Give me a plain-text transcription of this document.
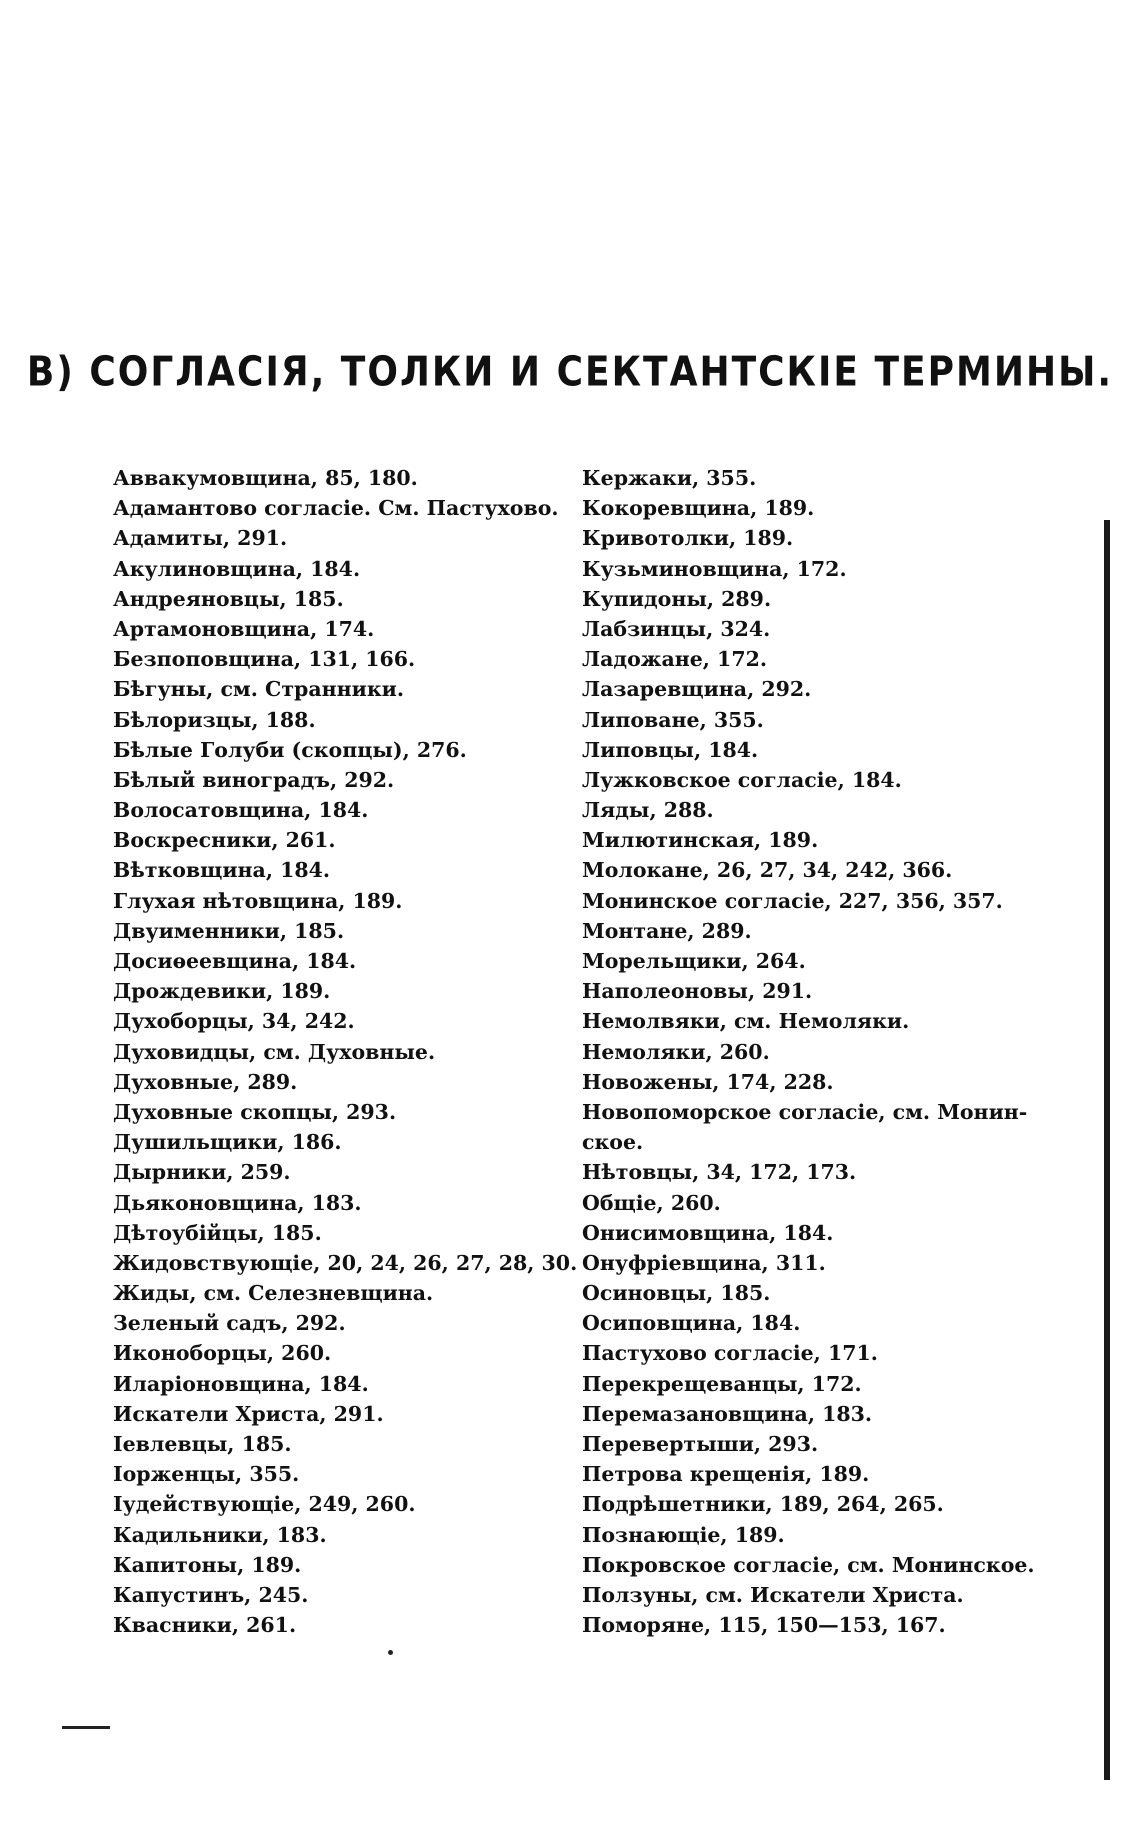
В) СОГЛАСІЯ, ТОЛКИ И СЕКТАНТСКІЕ ТЕРМИНЫ.
Аввакумовщина, 85, 180.
Адамантово согласіе. См. Пастухово.
Адамиты, 291.
Акулиновщина, 184.
Андреяновцы, 185.
Артамоновщина, 174.
Безпоповщина, 131, 166.
Бѣгуны, см. Странники.
Бѣлоризцы, 188.
Бѣлые Голуби (скопцы), 276.
Бѣлый виноградъ, 292.
Волосатовщина, 184.
Воскресники, 261.
Вѣтковщина, 184.
Глухая нѣтовщина, 189.
Двуименники, 185.
Досиѳеевщина, 184.
Дрождевики, 189.
Духоборцы, 34, 242.
Духовидцы, см. Духовные.
Духовные, 289.
Духовные скопцы, 293.
Душильщики, 186.
Дырники, 259.
Дьяконовщина, 183.
Дѣтоубійцы, 185.
Жидовствующіе, 20, 24, 26, 27, 28, 30.
Жиды, см. Селезневщина.
Зеленый садъ, 292.
Иконоборцы, 260.
Иларіоновщина, 184.
Искатели Христа, 291.
Іевлевцы, 185.
Іорженцы, 355.
Іудействующіе, 249, 260.
Кадильники, 183.
Капитоны, 189.
Капустинъ, 245.
Квасники, 261.
Кержаки, 355.
Кокоревщина, 189.
Кривотолки, 189.
Кузьминовщина, 172.
Купидоны, 289.
Лабзинцы, 324.
Ладожане, 172.
Лазаревщина, 292.
Липоване, 355.
Липовцы, 184.
Лужковское согласіе, 184.
Ляды, 288.
Милютинская, 189.
Молокане, 26, 27, 34, 242, 366.
Монинское согласіе, 227, 356, 357.
Монтане, 289.
Морельщики, 264.
Наполеоновы, 291.
Немолвяки, см. Немоляки.
Немоляки, 260.
Новожены, 174, 228.
Новопоморское согласіе, см. Монин-
ское.
Нѣтовцы, 34, 172, 173.
Общіе, 260.
Онисимовщина, 184.
Онуфріевщина, 311.
Осиновцы, 185.
Осиповщина, 184.
Пастухово согласіе, 171.
Перекрещеванцы, 172.
Перемазановщина, 183.
Перевертыши, 293.
Петрова крещенія, 189.
Подрѣшетники, 189, 264, 265.
Познающіе, 189.
Покровское согласіе, см. Монинское.
Ползуны, см. Искатели Христа.
Поморяне, 115, 150—153, 167.
